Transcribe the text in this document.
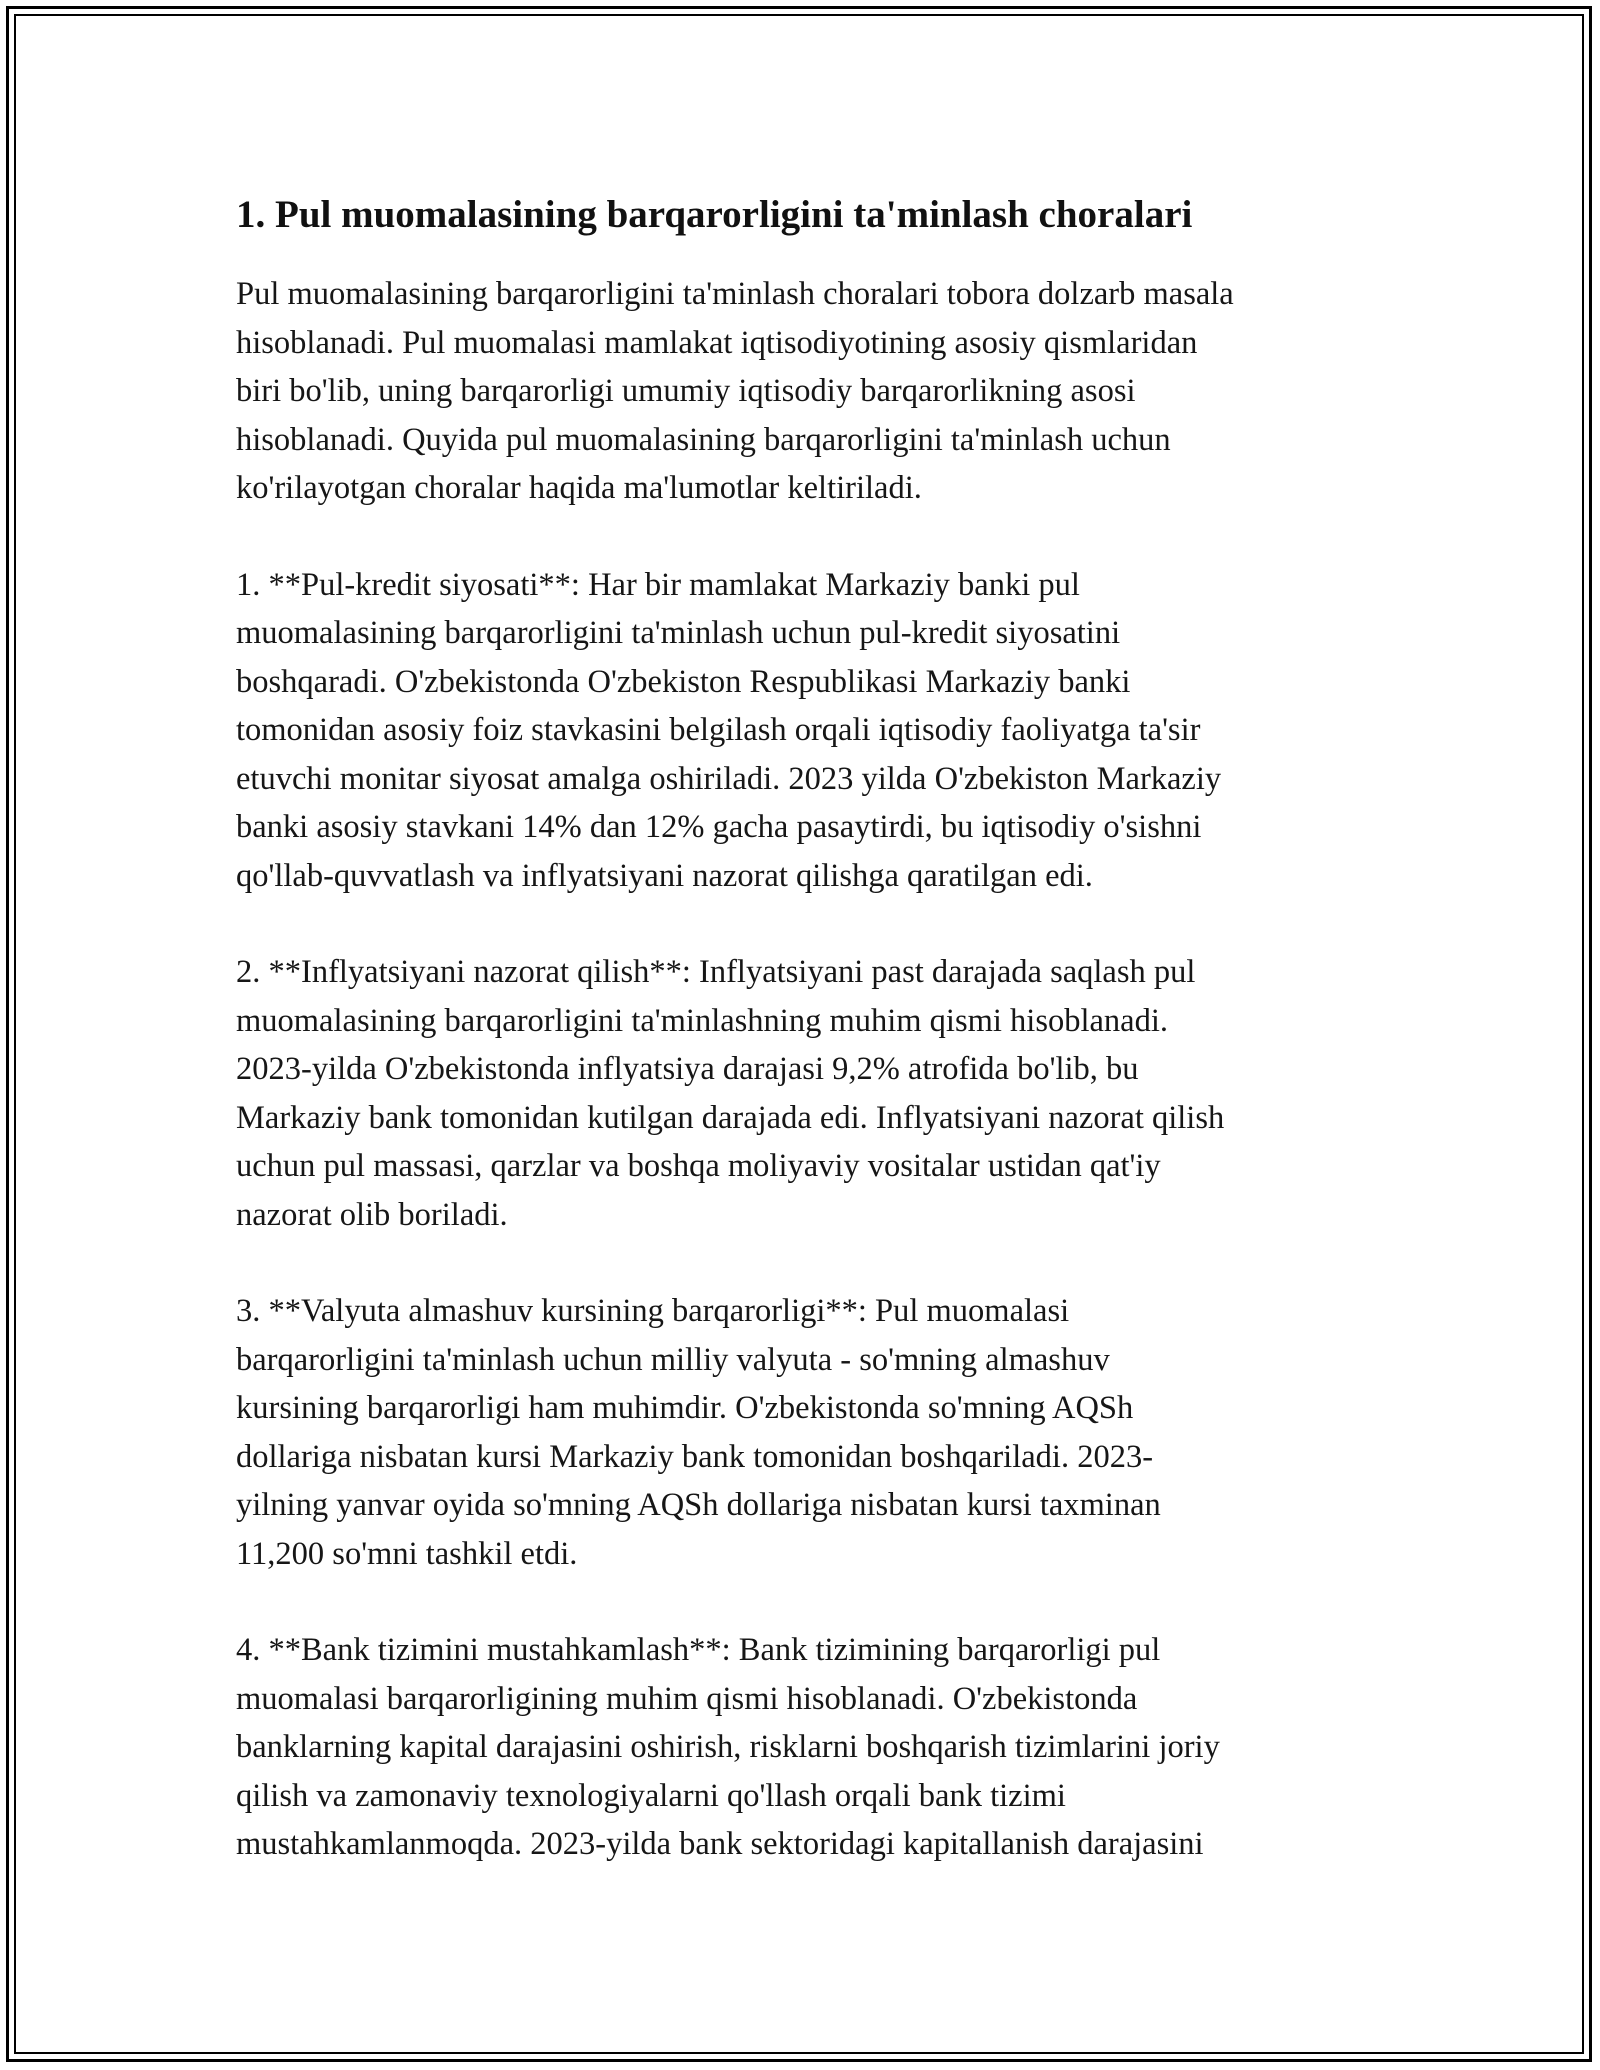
1. Pul muomalasining barqarorligini ta'minlash choralari
Pul muomalasining barqarorligini ta'minlash choralari tobora dolzarb masala
hisoblanadi. Pul muomalasi mamlakat iqtisodiyotining asosiy qismlaridan
biri bo'lib, uning barqarorligi umumiy iqtisodiy barqarorlikning asosi
hisoblanadi. Quyida pul muomalasining barqarorligini ta'minlash uchun
ko'rilayotgan choralar haqida ma'lumotlar keltiriladi.
1. **Pul-kredit siyosati**: Har bir mamlakat Markaziy banki pul
muomalasining barqarorligini ta'minlash uchun pul-kredit siyosatini
boshqaradi. O'zbekistonda O'zbekiston Respublikasi Markaziy banki
tomonidan asosiy foiz stavkasini belgilash orqali iqtisodiy faoliyatga ta'sir
etuvchi monitar siyosat amalga oshiriladi. 2023 yilda O'zbekiston Markaziy
banki asosiy stavkani 14% dan 12% gacha pasaytirdi, bu iqtisodiy o'sishni
qo'llab-quvvatlash va inflyatsiyani nazorat qilishga qaratilgan edi.
2. **Inflyatsiyani nazorat qilish**: Inflyatsiyani past darajada saqlash pul
muomalasining barqarorligini ta'minlashning muhim qismi hisoblanadi.
2023-yilda O'zbekistonda inflyatsiya darajasi 9,2% atrofida bo'lib, bu
Markaziy bank tomonidan kutilgan darajada edi. Inflyatsiyani nazorat qilish
uchun pul massasi, qarzlar va boshqa moliyaviy vositalar ustidan qat'iy
nazorat olib boriladi.
3. **Valyuta almashuv kursining barqarorligi**: Pul muomalasi
barqarorligini ta'minlash uchun milliy valyuta - so'mning almashuv
kursining barqarorligi ham muhimdir. O'zbekistonda so'mning AQSh
dollariga nisbatan kursi Markaziy bank tomonidan boshqariladi. 2023-
yilning yanvar oyida so'mning AQSh dollariga nisbatan kursi taxminan
11,200 so'mni tashkil etdi.
4. **Bank tizimini mustahkamlash**: Bank tizimining barqarorligi pul
muomalasi barqarorligining muhim qismi hisoblanadi. O'zbekistonda
banklarning kapital darajasini oshirish, risklarni boshqarish tizimlarini joriy
qilish va zamonaviy texnologiyalarni qo'llash orqali bank tizimi
mustahkamlanmoqda. 2023-yilda bank sektoridagi kapitallanish darajasini
